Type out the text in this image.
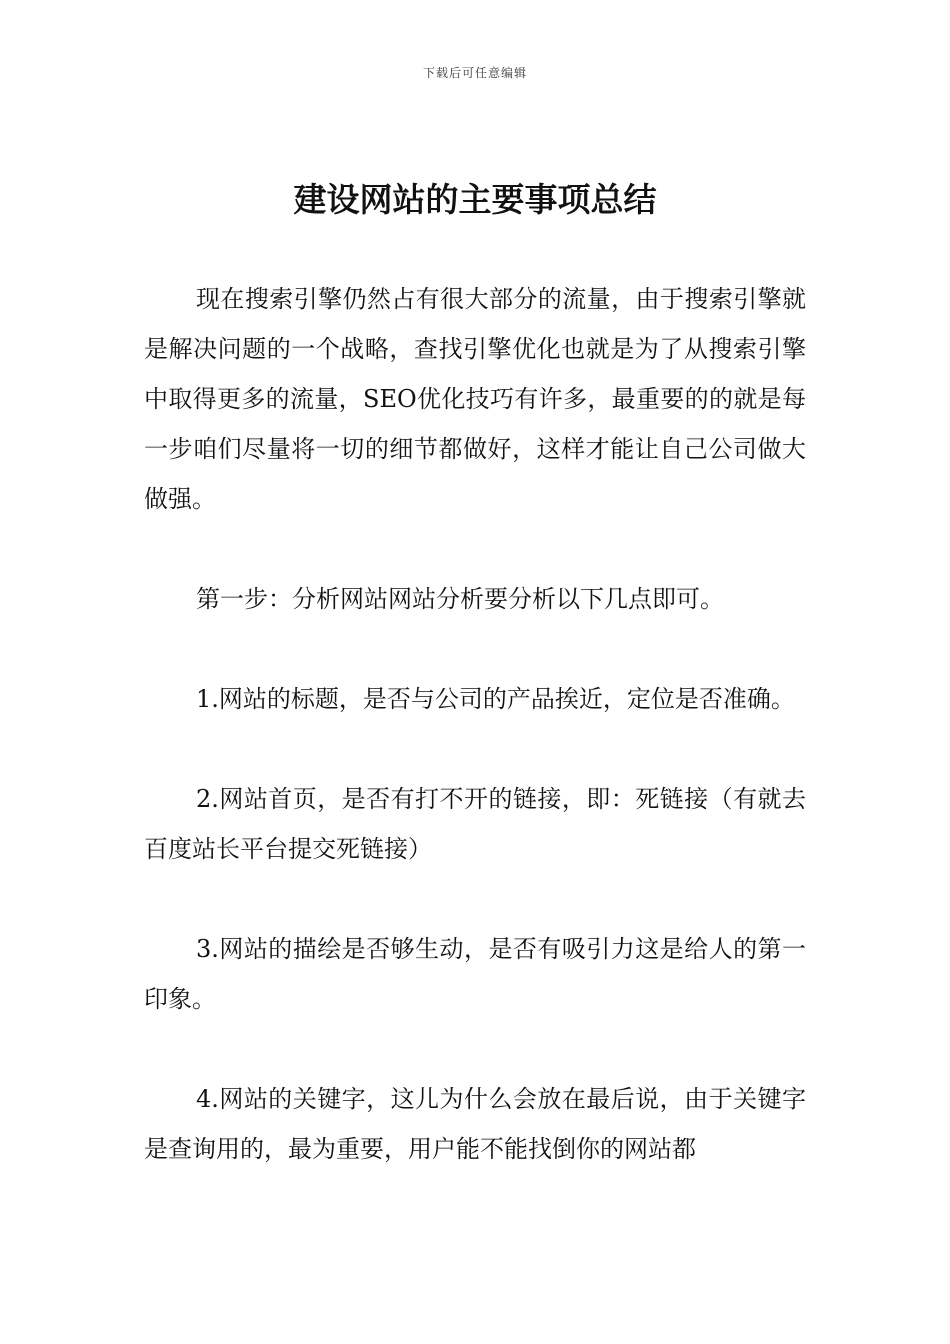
下载后可任意编辑
建设网站的主要事项总结

现在搜索引擎仍然占有很大部分的流量，由于搜索引擎就是解决问题的一个战略，查找引擎优化也就是为了从搜索引擎中取得更多的流量，SEO优化技巧有许多，最重要的的就是每一步咱们尽量将一切的细节都做好，这样才能让自己公司做大做强。

第一步：分析网站网站分析要分析以下几点即可。

1.网站的标题，是否与公司的产品挨近，定位是否准确。

2.网站首页，是否有打不开的链接，即：死链接（有就去百度站长平台提交死链接）

3.网站的描绘是否够生动，是否有吸引力这是给人的第一印象。

4.网站的关键字，这儿为什么会放在最后说，由于关键字是查询用的，最为重要，用户能不能找倒你的网站都
